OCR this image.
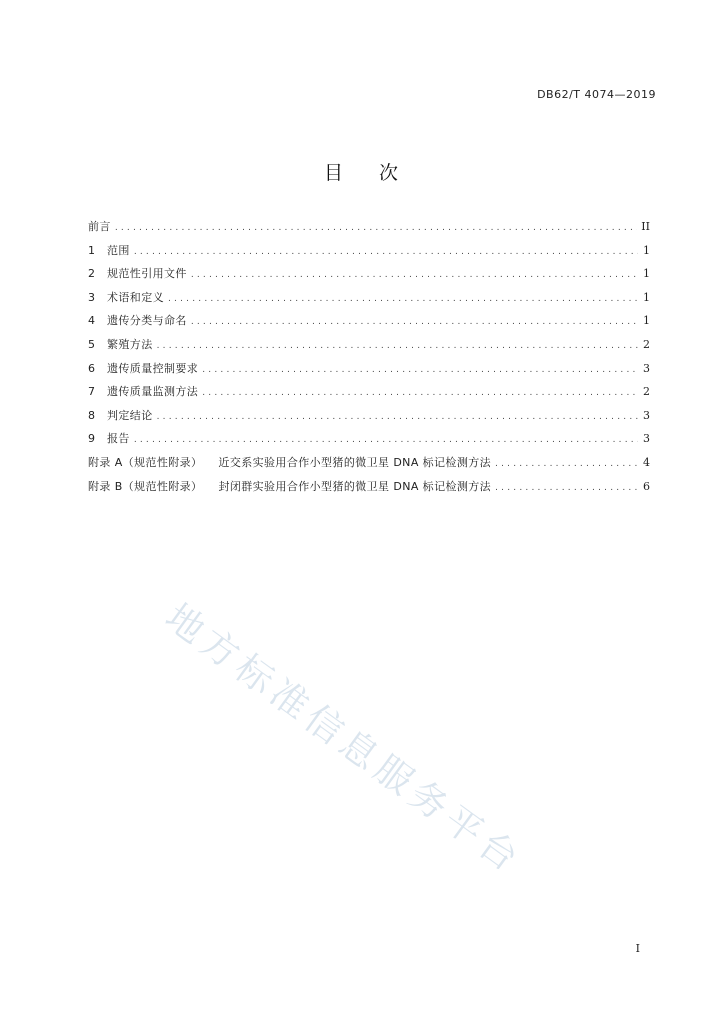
DB62/T 4074—2019
目 次
前言 .....	II
1	范围 .....	1
2	规范性引用文件 .....	1
3	术语和定义 .....	1
4	遗传分类与命名 .....	1
5	繁殖方法 .....	2
6	遗传质量控制要求 .....	3
7	遗传质量监测方法 .....	2
8	判定结论 .....	3
9	报告 .....	3
附录 A（规范性附录） 近交系实验用合作小型猪的微卫星 DNA 标记检测方法 .....	4
附录 B（规范性附录） 封闭群实验用合作小型猪的微卫星 DNA 标记检测方法 .....	6
地方标准信息服务平台
I
